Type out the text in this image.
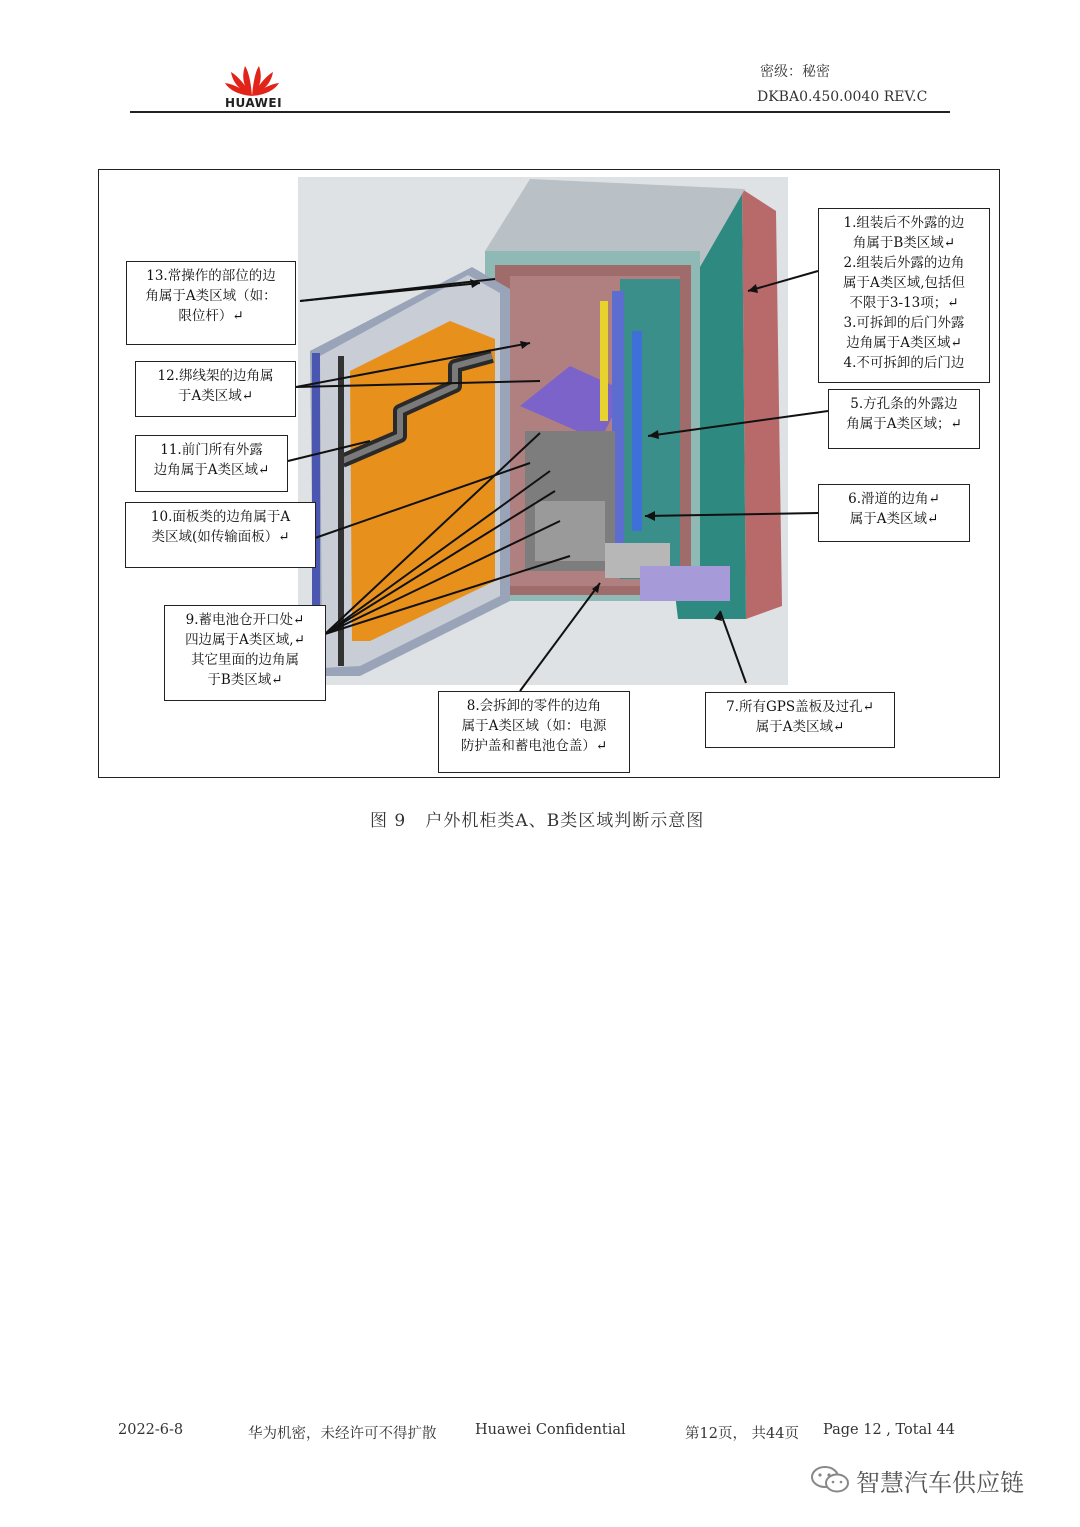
HUAWEI
密级：秘密
DKBA0.450.0040 REV.C
1.组装后不外露的边
角属于B类区域↵
2.组装后外露的边角
属于A类区域,包括但
不限于3-13项；↵
3.可拆卸的后门外露
边角属于A类区域↵
4.不可拆卸的后门边
5.方孔条的外露边
角属于A类区域；↵
6.滑道的边角↵
属于A类区域↵
7.所有GPS盖板及过孔↵
属于A类区域↵
8.会拆卸的零件的边角
属于A类区域（如：电源
防护盖和蓄电池仓盖）↵
9.蓄电池仓开口处↵
四边属于A类区域,↵
其它里面的边角属
于B类区域↵
10.面板类的边角属于A
类区域(如传输面板）↵
11.前门所有外露
边角属于A类区域↵
12.绑线架的边角属
于A类区域↵
13.常操作的部位的边
角属于A类区域（如：
限位杆）↵
图 9   户外机柜类A、B类区域判断示意图
2022-6-8	华为机密，未经许可不得扩散	Huawei Confidential	第12页， 共44页 Page 12 , Total 44
智慧汽车供应链
